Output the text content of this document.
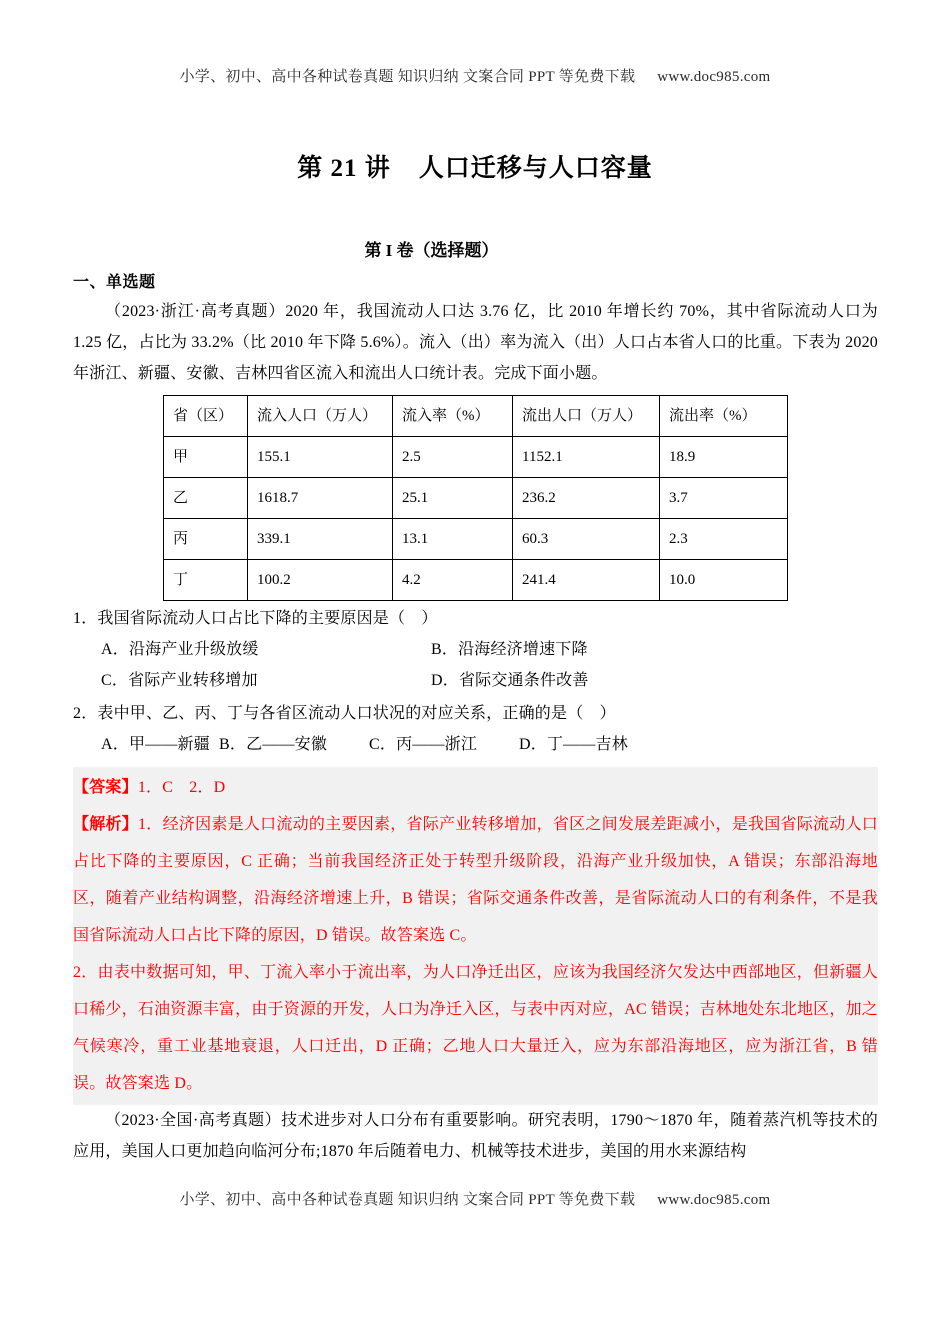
小学、初中、高中各种试卷真题 知识归纳 文案合同 PPT 等免费下载 www.doc985.com
第 21 讲 人口迁移与人口容量
第 I 卷（选择题）
一、单选题

（2023·浙江·高考真题）2020 年，我国流动人口达 3.76 亿，比 2010 年增长约 70%，其中省际流动人口为 1.25 亿，占比为 33.2%（比 2010 年下降 5.6%）。流入（出）率为流入（出）人口占本省人口的比重。下表为 2020 年浙江、新疆、安徽、吉林四省区流入和流出人口统计表。完成下面小题。

省（区）	流入人口（万人）	流入率（%）	流出人口（万人）	流出率（%）
甲	155.1	2.5	1152.1	18.9
乙	1618.7	25.1	236.2	3.7
丙	339.1	13.1	60.3	2.3
丁	100.2	4.2	241.4	10.0

1．我国省际流动人口占比下降的主要原因是（　）

A．沿海产业升级放缓	B．沿海经济增速下降

C．省际产业转移增加	D．省际交通条件改善

2．表中甲、乙、丙、丁与各省区流动人口状况的对应关系，正确的是（　）

A．甲——新疆 B．乙——安徽	C．丙——浙江	D．丁——吉林

【答案】1．C　2．D

【解析】1．经济因素是人口流动的主要因素，省际产业转移增加，省区之间发展差距减小，是我国省际流动人口占比下降的主要原因，C 正确；当前我国经济正处于转型升级阶段，沿海产业升级加快，A 错误；东部沿海地区，随着产业结构调整，沿海经济增速上升，B 错误；省际交通条件改善，是省际流动人口的有利条件，不是我国省际流动人口占比下降的原因，D 错误。故答案选 C。

2．由表中数据可知，甲、丁流入率小于流出率，为人口净迁出区，应该为我国经济欠发达中西部地区，但新疆人口稀少，石油资源丰富，由于资源的开发，人口为净迁入区，与表中丙对应，AC 错误；吉林地处东北地区，加之气候寒冷，重工业基地衰退，人口迁出，D 正确；乙地人口大量迁入，应为东部沿海地区，应为浙江省，B 错误。故答案选 D。

（2023·全国·高考真题）技术进步对人口分布有重要影响。研究表明，1790～1870 年，随着蒸汽机等技术的应用，美国人口更加趋向临河分布;1870 年后随着电力、机械等技术进步，美国的用水来源结构

小学、初中、高中各种试卷真题 知识归纳 文案合同 PPT 等免费下载 www.doc985.com
